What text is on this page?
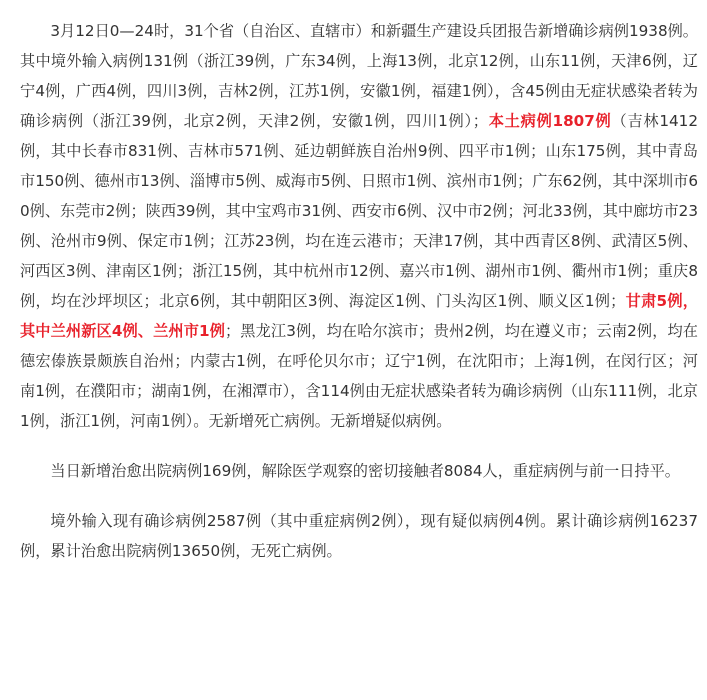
3月12日0—24时，31个省（自治区、直辖市）和新疆生产建设兵团报告新增确诊病例1938例。其中境外输入病例131例（浙江39例，广东34例，上海13例，北京12例，山东11例，天津6例，辽宁4例，广西4例，四川3例，吉林2例，江苏1例，安徽1例，福建1例），含45例由无症状感染者转为确诊病例（浙江39例，北京2例，天津2例，安徽1例，四川1例）；本土病例1807例（吉林1412例，其中长春市831例、吉林市571例、延边朝鲜族自治州9例、四平市1例；山东175例，其中青岛市150例、德州市13例、淄博市5例、威海市5例、日照市1例、滨州市1例；广东62例，其中深圳市60例、东莞市2例；陕西39例，其中宝鸡市31例、西安市6例、汉中市2例；河北33例，其中廊坊市23例、沧州市9例、保定市1例；江苏23例，均在连云港市；天津17例，其中西青区8例、武清区5例、河西区3例、津南区1例；浙江15例，其中杭州市12例、嘉兴市1例、湖州市1例、衢州市1例；重庆8例，均在沙坪坝区；北京6例，其中朝阳区3例、海淀区1例、门头沟区1例、顺义区1例；甘肃5例，其中兰州新区4例、兰州市1例；黑龙江3例，均在哈尔滨市；贵州2例，均在遵义市；云南2例，均在德宏傣族景颇族自治州；内蒙古1例，在呼伦贝尔市；辽宁1例，在沈阳市；上海1例，在闵行区；河南1例，在濮阳市；湖南1例，在湘潭市），含114例由无症状感染者转为确诊病例（山东111例，北京1例，浙江1例，河南1例）。无新增死亡病例。无新增疑似病例。

当日新增治愈出院病例169例，解除医学观察的密切接触者8084人，重症病例与前一日持平。

境外输入现有确诊病例2587例（其中重症病例2例），现有疑似病例4例。累计确诊病例16237例，累计治愈出院病例13650例，无死亡病例。
